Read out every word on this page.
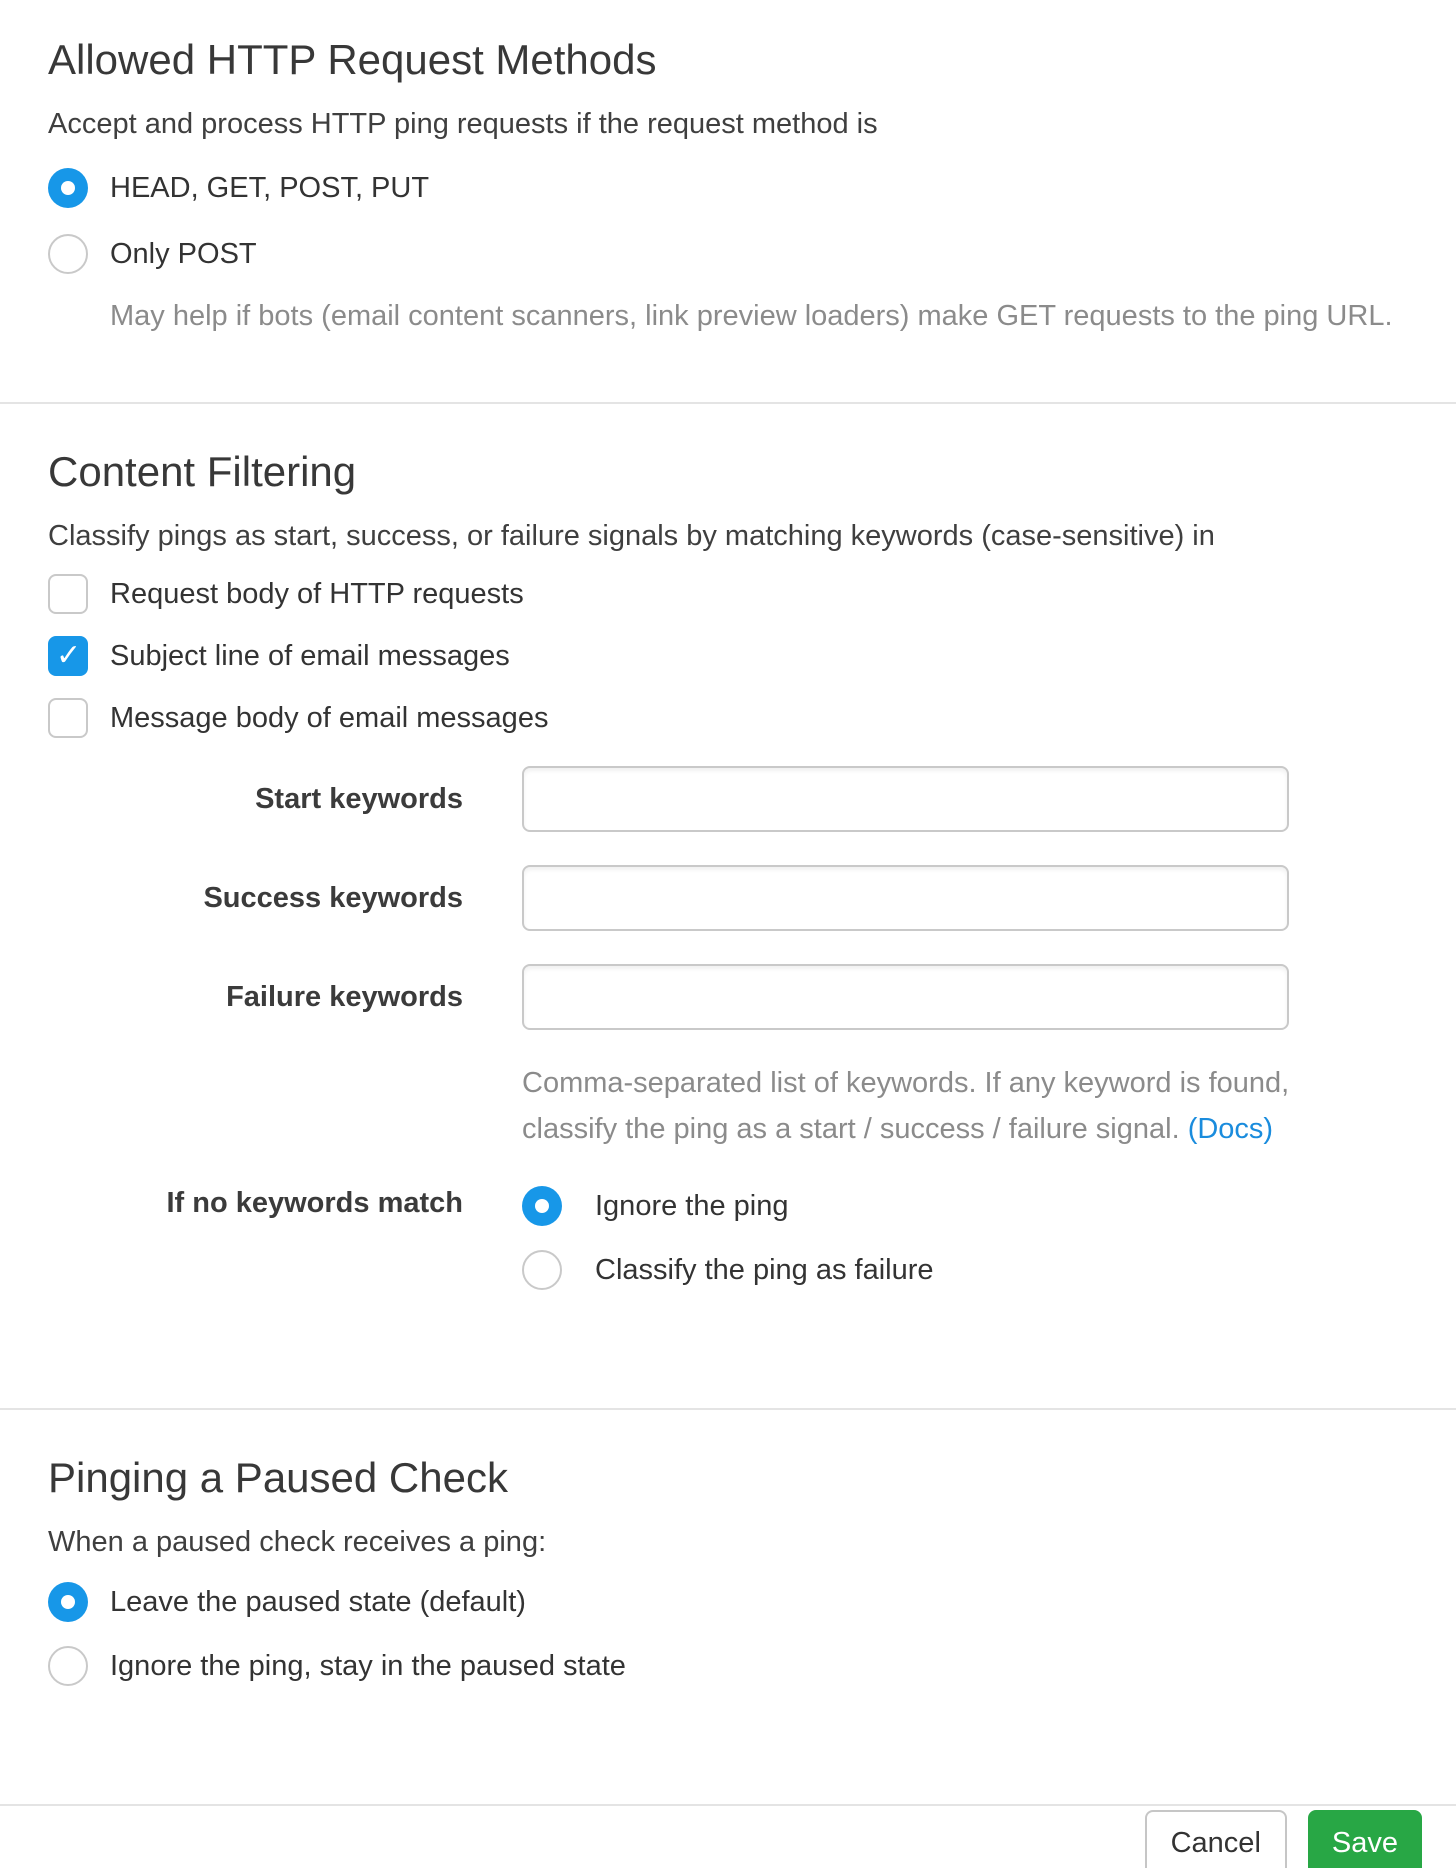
Allowed HTTP Request Methods
Accept and process HTTP ping requests if the request method is
HEAD, GET, POST, PUT
Only POST
May help if bots (email content scanners, link preview loaders) make GET requests to the ping URL.
Content Filtering
Classify pings as start, success, or failure signals by matching keywords (case-sensitive) in
Request body of HTTP requests
✓
Subject line of email messages
Message body of email messages
Start keywords
Success keywords
Failure keywords
Comma-separated list of keywords. If any keyword is found, classify the ping as a start / success / failure signal. (Docs)
If no keywords match	Ignore the ping
Classify the ping as failure
Pinging a Paused Check
When a paused check receives a ping:
Leave the paused state (default)
Ignore the ping, stay in the paused state
Cancel	Save
